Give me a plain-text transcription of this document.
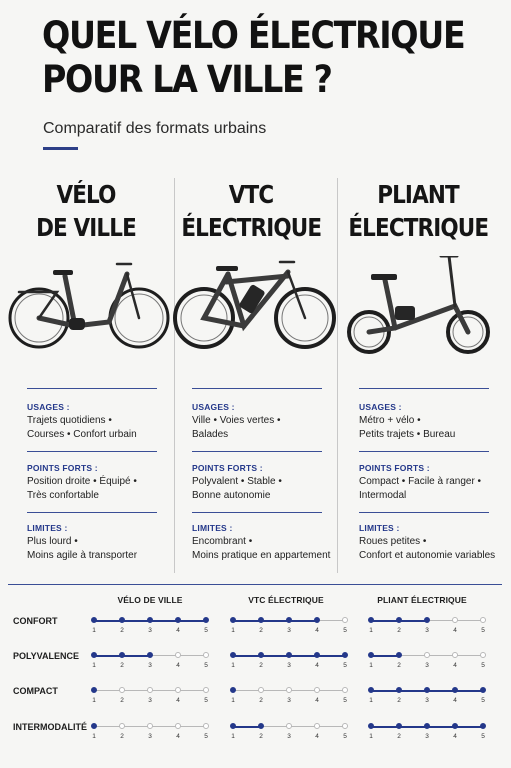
QUEL VÉLO ÉLECTRIQUE
POUR LA VILLE ?
Comparatif des formats urbains
VÉLO
DE VILLE
USAGES :
Trajets quotidiens •
Courses • Confort urbain
POINTS FORTS :
Position droite • Équipé •
Très confortable
LIMITES :
Plus lourd •
Moins agile à transporter
VTC
ÉLECTRIQUE
USAGES :
Ville • Voies vertes •
Balades
POINTS FORTS :
Polyvalent • Stable •
Bonne autonomie
LIMITES :
Encombrant •
Moins pratique en appartement
PLIANT
ÉLECTRIQUE
USAGES :
Métro + vélo •
Petits trajets • Bureau
POINTS FORTS :
Compact • Facile à ranger •
Intermodal
LIMITES :
Roues petites •
Confort et autonomie variables
VÉLO DE VILLE	VTC ÉLECTRIQUE	PLIANT ÉLECTRIQUE
CONFORT
1	2	3	4	5	1	2	3	4	5	1	2	3	4	5
POLYVALENCE
1	2	3	4	5	1	2	3	4	5	1	2	3	4	5
COMPACT
1	2	3	4	5	1	2	3	4	5	1	2	3	4	5
INTERMODALITÉ
1	2	3	4	5	1	2	3	4	5	1	2	3	4	5
